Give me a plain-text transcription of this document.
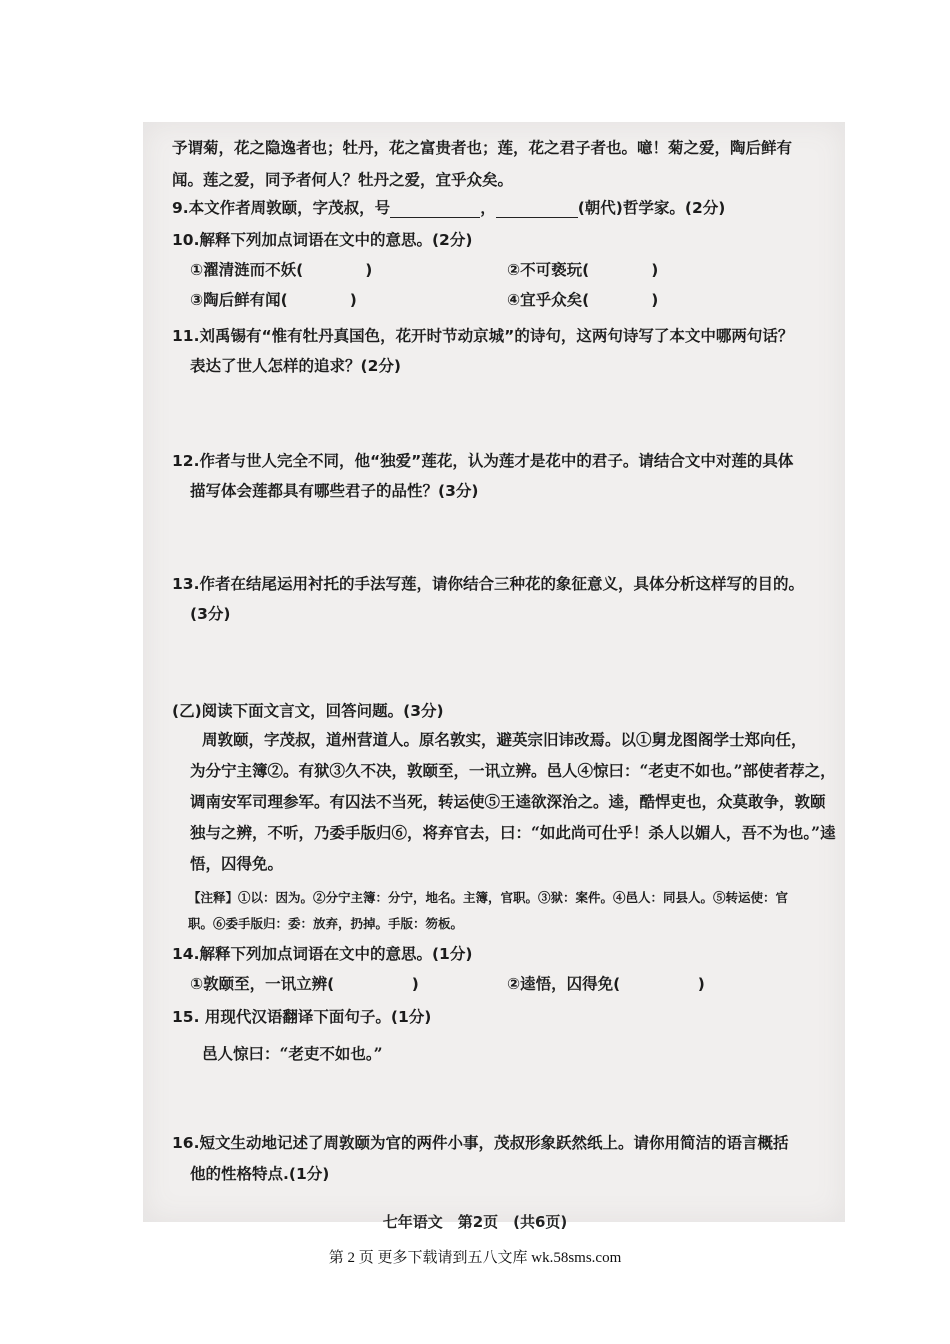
予谓菊，花之隐逸者也；牡丹，花之富贵者也；莲，花之君子者也。噫！菊之爱，陶后鲜有
闻。莲之爱，同予者何人？牡丹之爱，宜乎众矣。
9.本文作者周敦颐，字茂叔，号	，	(朝代)哲学家。(2分)
10.解释下列加点词语在文中的意思。(2分)
①濯清涟而不妖(　　　　)	②不可亵玩(　　　　)
③陶后鲜有闻(　　　　)	④宜乎众矣(　　　　)
11.刘禹锡有“惟有牡丹真国色，花开时节动京城”的诗句，这两句诗写了本文中哪两句话？
表达了世人怎样的追求？(2分)
12.作者与世人完全不同，他“独爱”莲花，认为莲才是花中的君子。请结合文中对莲的具体
描写体会莲都具有哪些君子的品性？(3分)
13.作者在结尾运用衬托的手法写莲，请你结合三种花的象征意义，具体分析这样写的目的。
(3分)
(乙)阅读下面文言文，回答问题。(3分)
周敦颐，字茂叔，道州营道人。原名敦实，避英宗旧讳改焉。以①舅龙图阁学士郑向任，
为分宁主簿②。有狱③久不决，敦颐至，一讯立辨。邑人④惊曰：“老吏不如也。”部使者荐之，
调南安军司理参军。有囚法不当死，转运使⑤王逵欲深治之。逵，酷悍吏也，众莫敢争，敦颐
独与之辨，不听，乃委手版归⑥，将弃官去，曰：“如此尚可仕乎！杀人以媚人，吾不为也。”逵
悟，囚得免。
【注释】①以：因为。②分宁主簿：分宁，地名。主簿，官职。③狱：案件。④邑人：同县人。⑤转运使：官
职。⑥委手版归：委：放弃，扔掉。手版：笏板。
14.解释下列加点词语在文中的意思。(1分)
①敦颐至，一讯立辨(　　　　　)	②逵悟，囚得免(　　　　　)
15. 用现代汉语翻译下面句子。(1分)
邑人惊曰：“老吏不如也。”
16.短文生动地记述了周敦颐为官的两件小事，茂叔形象跃然纸上。请你用简洁的语言概括
他的性格特点.(1分)
七年语文　第2页　(共6页)
第 2 页 更多下载请到五八文库 wk.58sms.com
